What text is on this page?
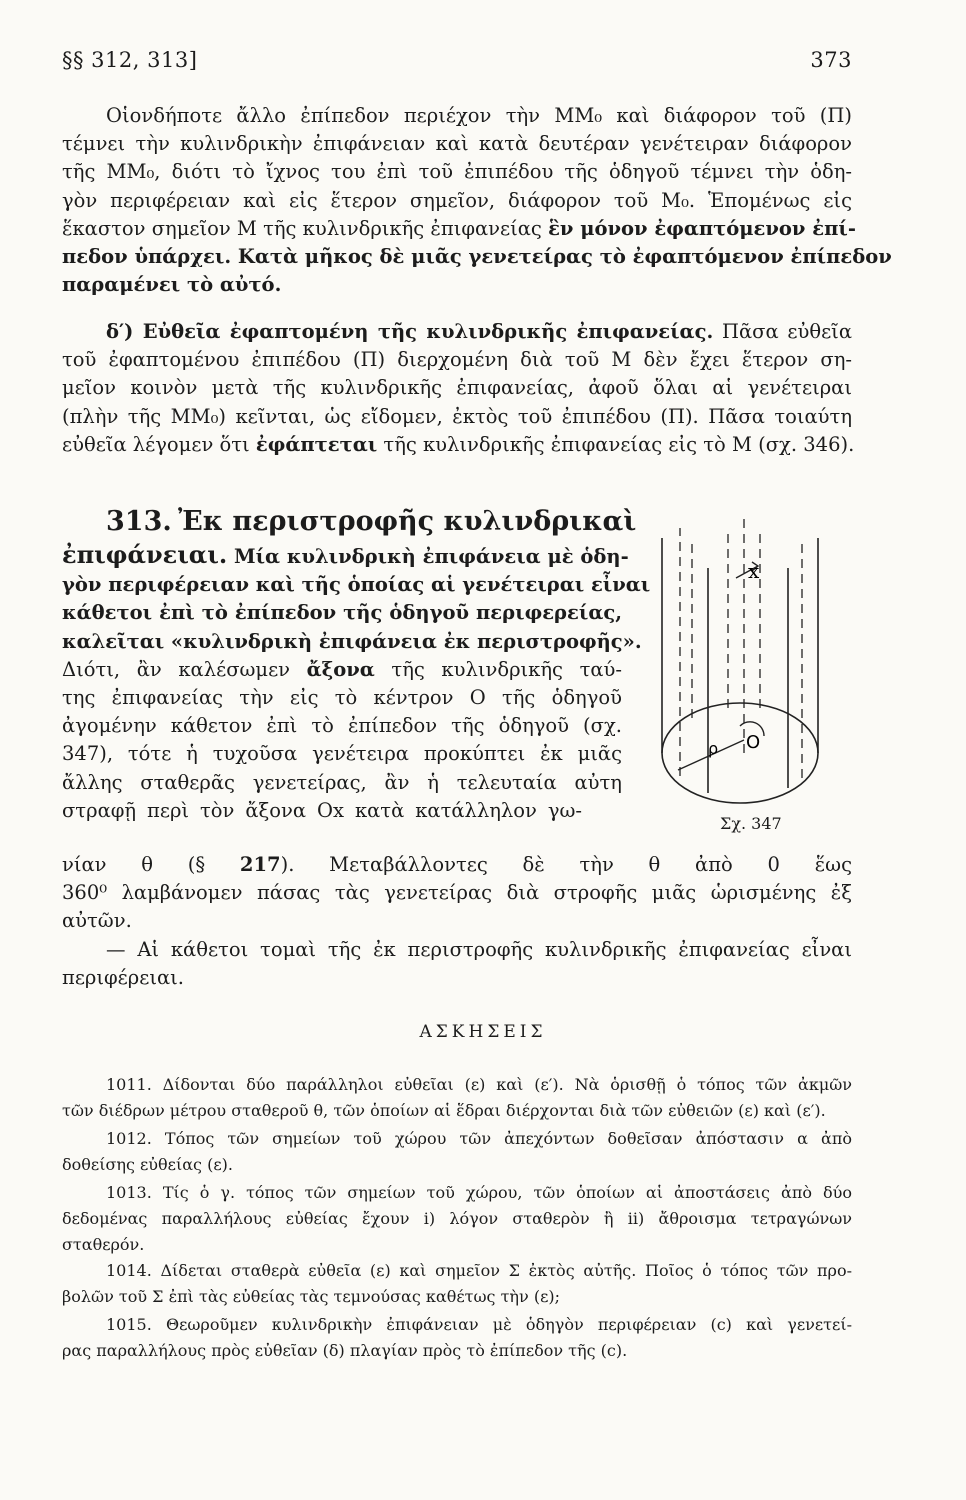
§§ 312, 313]	373
Οἱονδήποτε ἄλλο ἐπίπεδον περιέχον τὴν ΜΜ₀ καὶ διάφορον τοῦ (Π)
τέμνει τὴν κυλινδρικὴν ἐπιφάνειαν καὶ κατὰ δευτέραν γενέτειραν διάφορον
τῆς ΜΜ₀, διότι τὸ ἴχνος του ἐπὶ τοῦ ἐπιπέδου τῆς ὁδηγοῦ τέμνει τὴν ὁδη-
γὸν περιφέρειαν καὶ εἰς ἕτερον σημεῖον, διάφορον τοῦ Μ₀. Ἑπομένως εἰς
ἕκαστον σημεῖον Μ τῆς κυλινδρικῆς ἐπιφανείας ἓν μόνον ἐφαπτόμενον ἐπί-
πεδον ὑπάρχει. Κατὰ μῆκος δὲ μιᾶς γενετείρας τὸ ἐφαπτόμενον ἐπίπεδον
παραμένει τὸ αὐτό.
δ′) Εὐθεῖα ἐφαπτομένη τῆς κυλινδρικῆς ἐπιφανείας. Πᾶσα εὐθεῖα
τοῦ ἐφαπτομένου ἐπιπέδου (Π) διερχομένη διὰ τοῦ Μ δὲν ἔχει ἕτερον ση-
μεῖον κοινὸν μετὰ τῆς κυλινδρικῆς ἐπιφανείας, ἀφοῦ ὅλαι αἱ γενέτειραι
(πλὴν τῆς ΜΜ₀) κεῖνται, ὡς εἴδομεν, ἐκτὸς τοῦ ἐπιπέδου (Π). Πᾶσα τοιαύτη
εὐθεῖα λέγομεν ὅτι ἐφάπτεται τῆς κυλινδρικῆς ἐπιφανείας εἰς τὸ Μ (σχ. 346).
313. Ἐκ περιστροφῆς κυλινδρικαὶ
ἐπιφάνειαι. Μία κυλινδρικὴ ἐπιφάνεια μὲ ὁδη-
γὸν περιφέρειαν καὶ τῆς ὁποίας αἱ γενέτειραι εἶναι
κάθετοι ἐπὶ τὸ ἐπίπεδον τῆς ὁδηγοῦ περιφερείας,
καλεῖται «κυλινδρικὴ ἐπιφάνεια ἐκ περιστροφῆς».
Διότι, ἂν καλέσωμεν ἄξονα τῆς κυλινδρικῆς ταύ-
της ἐπιφανείας τὴν εἰς τὸ κέντρον Ο τῆς ὁδηγοῦ
ἀγομένην κάθετον ἐπὶ τὸ ἐπίπεδον τῆς ὁδηγοῦ (σχ.
347), τότε ἡ τυχοῦσα γενέτειρα προκύπτει ἐκ μιᾶς
ἄλλης σταθερᾶς γενετείρας, ἂν ἡ τελευταία αὐτη
στραφῇ περὶ τὸν ἄξονα Οx κατὰ κατάλληλον γω-
νίαν θ (§ 217). Μεταβάλλοντες δὲ τὴν θ ἀπὸ 0 ἕως
360⁰ λαμβάνομεν πάσας τὰς γενετείρας διὰ στροφῆς μιᾶς ὡρισμένης ἐξ
αὐτῶν.
— Αἱ κάθετοι τομαὶ τῆς ἐκ περιστροφῆς κυλινδρικῆς ἐπιφανείας εἶναι
περιφέρειαι.
x
O
ρ
Σχ. 347
ΑΣΚΗΣΕΙΣ
1011. Δίδονται δύο παράλληλοι εὐθεῖαι (ε) καὶ (ε′). Νὰ ὁρισθῇ ὁ τόπος τῶν ἀκμῶν
τῶν διέδρων μέτρου σταθεροῦ θ, τῶν ὁποίων αἱ ἕδραι διέρχονται διὰ τῶν εὐθειῶν (ε) καὶ (ε′).
1012. Τόπος τῶν σημείων τοῦ χώρου τῶν ἀπεχόντων δοθεῖσαν ἀπόστασιν α ἀπὸ
δοθείσης εὐθείας (ε).
1013. Τίς ὁ γ. τόπος τῶν σημείων τοῦ χώρου, τῶν ὁποίων αἱ ἀποστάσεις ἀπὸ δύο
δεδομένας παραλλήλους εὐθείας ἔχουν i) λόγον σταθερὸν ἢ ii) ἄθροισμα τετραγώνων
σταθερόν.
1014. Δίδεται σταθερὰ εὐθεῖα (ε) καὶ σημεῖον Σ ἐκτὸς αὐτῆς. Ποῖος ὁ τόπος τῶν προ-
βολῶν τοῦ Σ ἐπὶ τὰς εὐθείας τὰς τεμνούσας καθέτως τὴν (ε);
1015. Θεωροῦμεν κυλινδρικὴν ἐπιφάνειαν μὲ ὁδηγὸν περιφέρειαν (c) καὶ γενετεί-
ρας παραλλήλους πρὸς εὐθεῖαν (δ) πλαγίαν πρὸς τὸ ἐπίπεδον τῆς (c).
